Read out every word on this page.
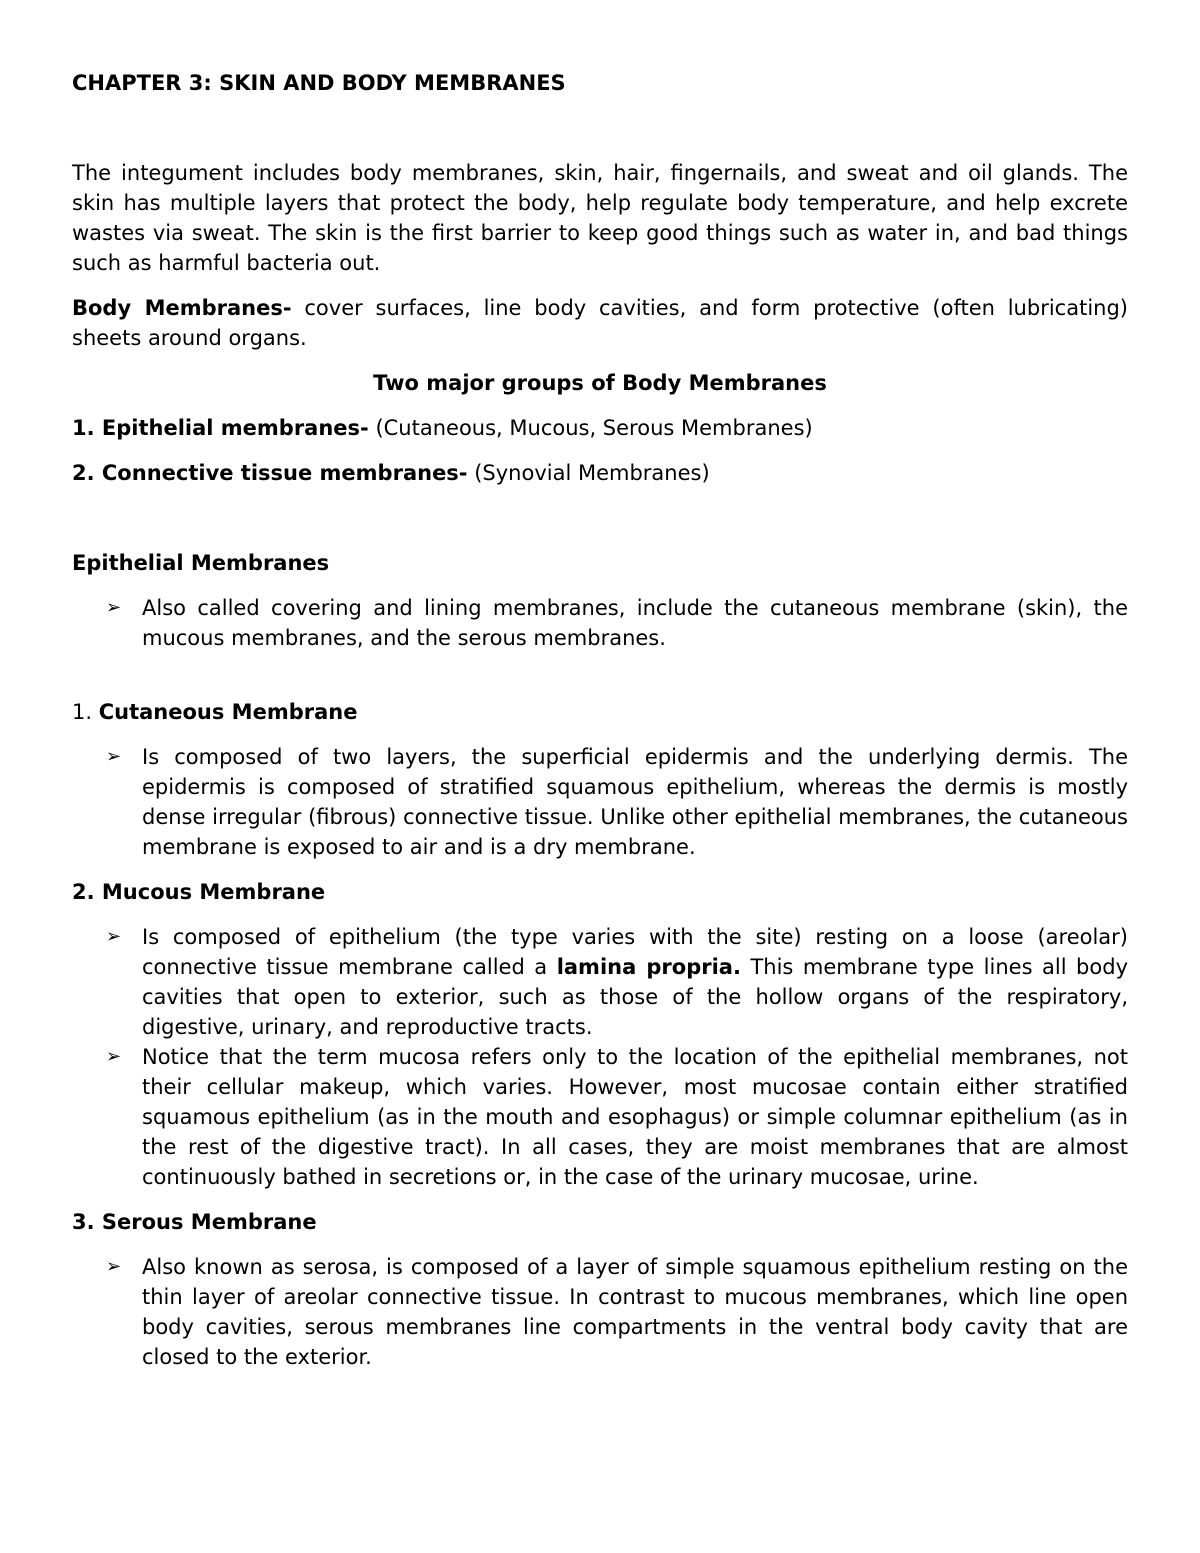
CHAPTER 3: SKIN AND BODY MEMBRANES

The integument includes body membranes, skin, hair, fingernails, and sweat and oil glands. The skin has multiple layers that protect the body, help regulate body temperature, and help excrete wastes via sweat. The skin is the first barrier to keep good things such as water in, and bad things such as harmful bacteria out.

Body Membranes- cover surfaces, line body cavities, and form protective (often lubricating) sheets around organs.

Two major groups of Body Membranes

1. Epithelial membranes- (Cutaneous, Mucous, Serous Membranes)

2. Connective tissue membranes- (Synovial Membranes)

Epithelial Membranes

➢ Also called covering and lining membranes, include the cutaneous membrane (skin), the mucous membranes, and the serous membranes.

1. Cutaneous Membrane

➢ Is composed of two layers, the superficial epidermis and the underlying dermis. The epidermis is composed of stratified squamous epithelium, whereas the dermis is mostly dense irregular (fibrous) connective tissue. Unlike other epithelial membranes, the cutaneous membrane is exposed to air and is a dry membrane.

2. Mucous Membrane

➢ Is composed of epithelium (the type varies with the site) resting on a loose (areolar) connective tissue membrane called a lamina propria. This membrane type lines all body cavities that open to exterior, such as those of the hollow organs of the respiratory, digestive, urinary, and reproductive tracts.
➢ Notice that the term mucosa refers only to the location of the epithelial membranes, not their cellular makeup, which varies. However, most mucosae contain either stratified squamous epithelium (as in the mouth and esophagus) or simple columnar epithelium (as in the rest of the digestive tract). In all cases, they are moist membranes that are almost continuously bathed in secretions or, in the case of the urinary mucosae, urine.

3. Serous Membrane

➢ Also known as serosa, is composed of a layer of simple squamous epithelium resting on the thin layer of areolar connective tissue. In contrast to mucous membranes, which line open body cavities, serous membranes line compartments in the ventral body cavity that are closed to the exterior.
